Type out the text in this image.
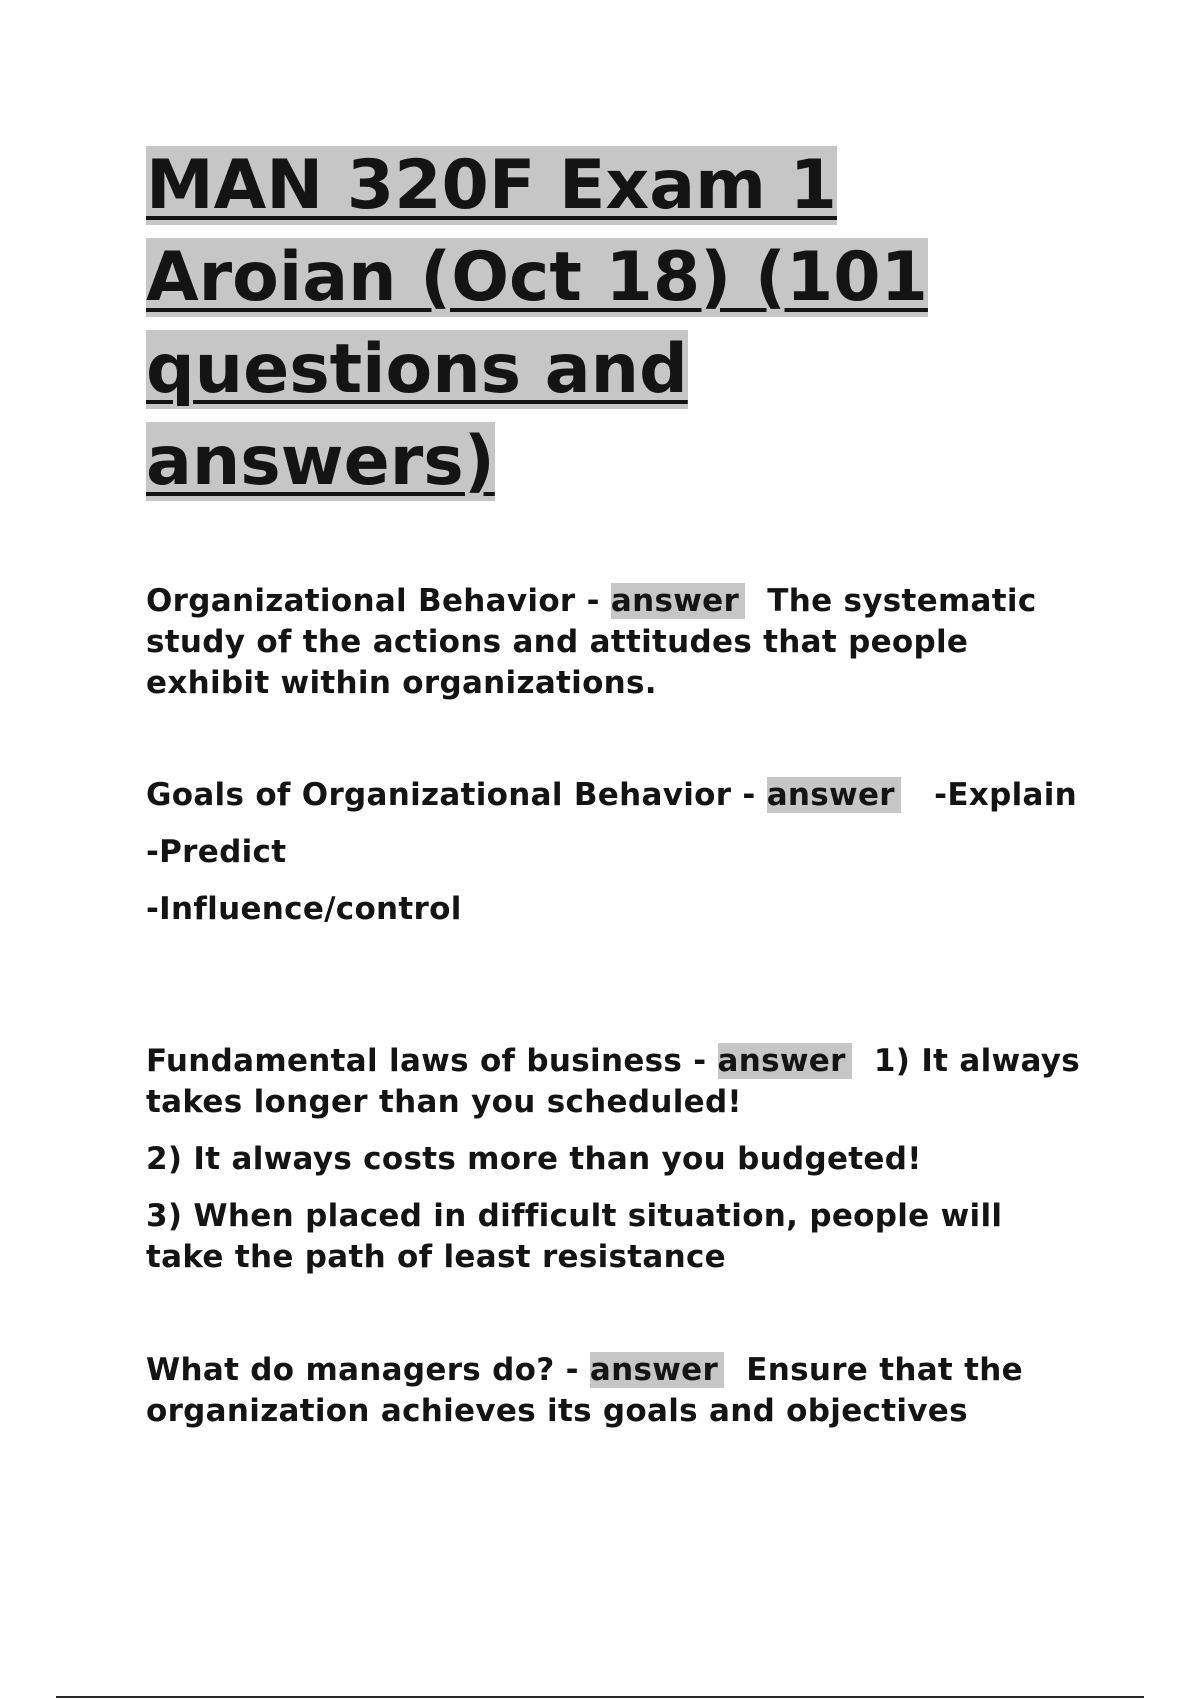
MAN 320F Exam 1
Aroian (Oct 18) (101
questions and
answers)

Organizational Behavior - answer  The systematic study of the actions and attitudes that people exhibit within organizations.

Goals of Organizational Behavior - answer   -Explain

-Predict

-Influence/control

Fundamental laws of business - answer  1) It always takes longer than you scheduled!

2) It always costs more than you budgeted!

3) When placed in difficult situation, people will take the path of least resistance

What do managers do? - answer  Ensure that the organization achieves its goals and objectives
